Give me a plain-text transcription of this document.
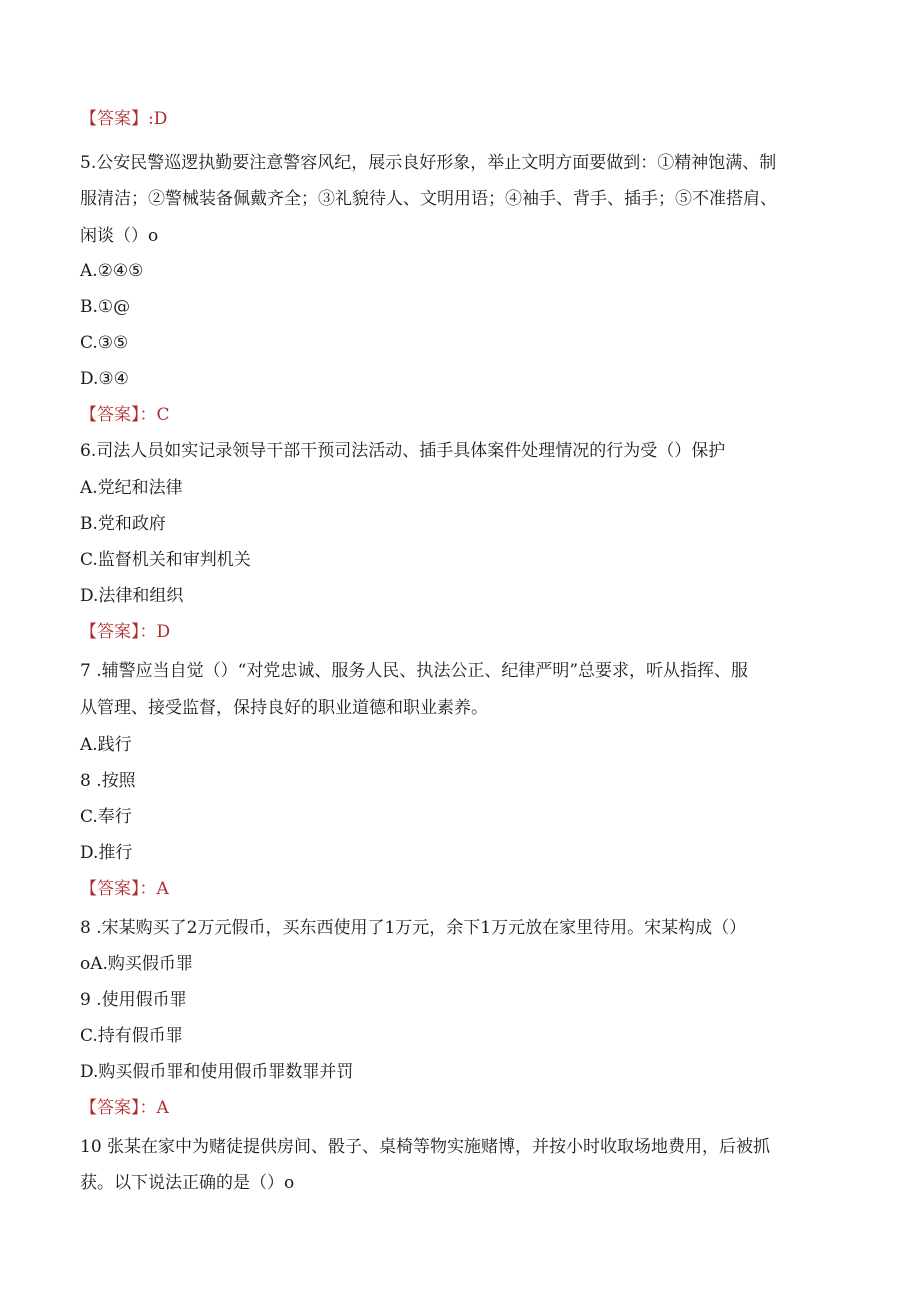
【答案】:D
5.公安民警巡逻执勤要注意警容风纪，展示良好形象，举止文明方面要做到：①精神饱满、制
服清洁；②警械装备佩戴齐全；③礼貌待人、文明用语；④袖手、背手、插手；⑤不准搭肩、
闲谈（）o
A.②④⑤
B.①@
C.③⑤
D.③④
【答案】：C
6.司法人员如实记录领导干部干预司法活动、插手具体案件处理情况的行为受（）保护
A.党纪和法律
B.党和政府
C.监督机关和审判机关
D.法律和组织
【答案】：D
7 .辅警应当自觉（）“对党忠诚、服务人民、执法公正、纪律严明”总要求，听从指挥、服
从管理、接受监督，保持良好的职业道德和职业素养。
A.践行
8 .按照
C.奉行
D.推行
【答案】：A
8 .宋某购买了2万元假币，买东西使用了1万元，余下1万元放在家里待用。宋某构成（）
oA.购买假币罪
9 .使用假币罪
C.持有假币罪
D.购买假币罪和使用假币罪数罪并罚
【答案】：A
10 张某在家中为赌徒提供房间、骰子、桌椅等物实施赌博，并按小时收取场地费用，后被抓
获。以下说法正确的是（）o
